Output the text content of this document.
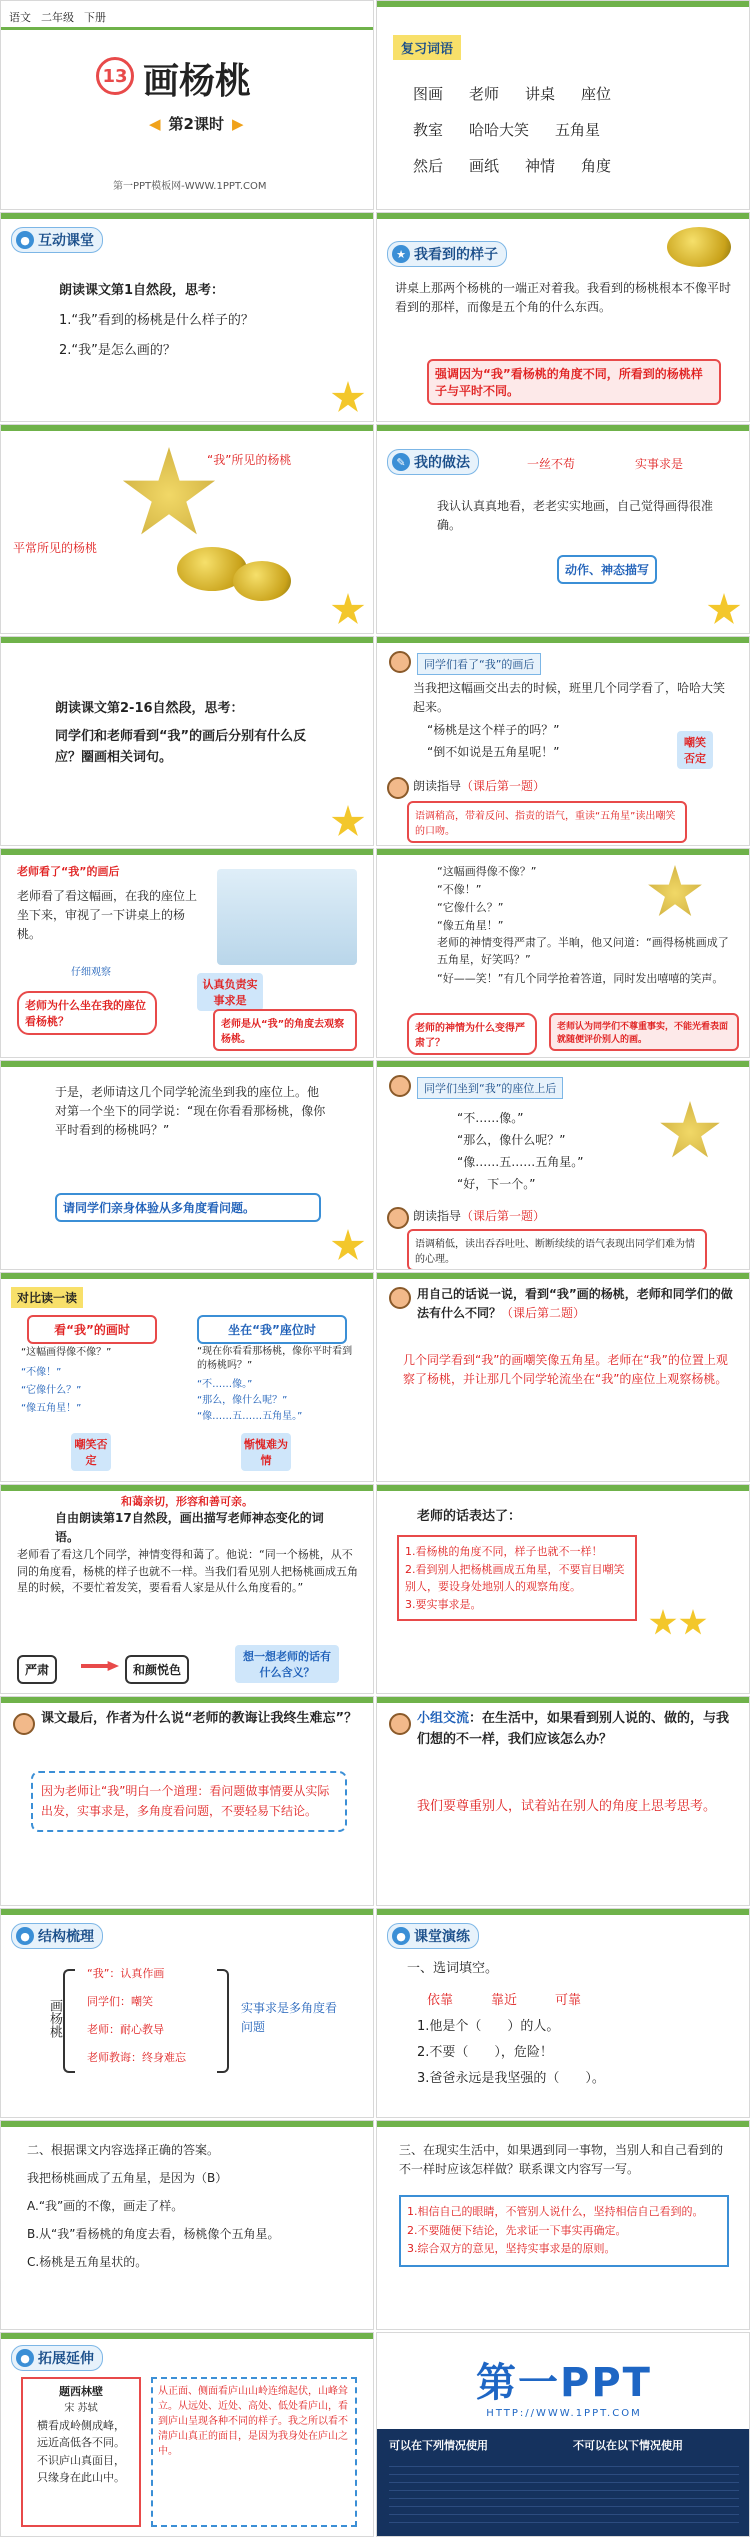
语文 二年级 下册
13 画杨桃
◀ 第2课时 ▶
第一PPT模板网-WWW.1PPT.COM
复习词语
图画 老师 讲桌 座位
教室 哈哈大笑 五角星
然后 画纸 神情 角度
● 互动课堂
朗读课文第1自然段，思考：
1.“我”看到的杨桃是什么样子的？
2.“我”是怎么画的？
★ 我看到的样子
讲桌上那两个杨桃的一端正对着我。我看到的杨桃根本不像平时看到的那样，而像是五个角的什么东西。
强调因为“我”看杨桃的角度不同，所看到的杨桃样子与平时不同。
“我”所见的杨桃
平常所见的杨桃
✎ 我的做法	一丝不苟	实事求是
我认认真真地看，老老实实地画，自己觉得画得很准确。
动作、神态描写
朗读课文第2-16自然段，思考：
同学们和老师看到“我”的画后分别有什么反应？圈画相关词句。
同学们看了“我”的画后
当我把这幅画交出去的时候，班里几个同学看了，哈哈大笑起来。
“杨桃是这个样子的吗？”
“倒不如说是五角星呢！”
嘲笑否定
朗读指导（课后第一题）
语调稍高，带着反问、指责的语气，重读“五角星”读出嘲笑的口吻。
老师看了“我”的画后
老师看了看这幅画，在我的座位上坐下来，审视了一下讲桌上的杨桃。
仔细观察
老师为什么坐在我的座位看杨桃？
认真负责实事求是
老师是从“我”的角度去观察杨桃。
“这幅画得像不像？”
“不像！”
“它像什么？”
“像五角星！”
老师的神情变得严肃了。半晌，他又问道：“画得杨桃画成了五角星，好笑吗？”
“好——笑！”有几个同学抢着答道，同时发出嘻嘻的笑声。
老师的神情为什么变得严肃了？
老师认为同学们不尊重事实，不能光看表面就随便评价别人的画。
于是，老师请这几个同学轮流坐到我的座位上。他对第一个坐下的同学说：“现在你看看那杨桃，像你平时看到的杨桃吗？”
请同学们亲身体验从多角度看问题。
同学们坐到“我”的座位上后
“不……像。”
“那么，像什么呢？”
“像……五……五角星。”
“好，下一个。”
朗读指导（课后第一题）
语调稍低，读出吞吞吐吐、断断续续的语气表现出同学们难为情的心理。
对比读一读
看“我”的画时	坐在“我”座位时
“这幅画得像不像？”
“不像！”
“它像什么？”
“像五角星！”
“现在你看看那杨桃，像你平时看到的杨桃吗？”
“不……像。”
“那么，像什么呢？”
“像……五……五角星。”
嘲笑否定
惭愧难为情
用自己的话说一说，看到“我”画的杨桃，老师和同学们的做法有什么不同？（课后第二题）
几个同学看到“我”的画嘲笑像五角星。老师在“我”的位置上观察了杨桃，并让那几个同学轮流坐在“我”的座位上观察杨桃。
和蔼亲切，形容和善可亲。
自由朗读第17自然段，画出描写老师神态变化的词语。
老师看了看这几个同学，神情变得和蔼了。他说：“同一个杨桃，从不同的角度看，杨桃的样子也就不一样。当我们看见别人把杨桃画成五角星的时候，不要忙着发笑，要看看人家是从什么角度看的。”
严肃	和颜悦色
想一想老师的话有什么含义？
老师的话表达了：
1.看杨桃的角度不同，样子也就不一样！
2.看到别人把杨桃画成五角星，不要盲目嘲笑别人，要设身处地别人的观察角度。
3.要实事求是。
课文最后，作者为什么说“老师的教诲让我终生难忘”？
因为老师让“我”明白一个道理：看问题做事情要从实际出发，实事求是，多角度看问题，不要轻易下结论。
小组交流：在生活中，如果看到别人说的、做的，与我们想的不一样，我们应该怎么办？
我们要尊重别人，试着站在别人的角度上思考思考。
● 结构梳理
画杨桃
“我”：认真作画
同学们：嘲笑
老师：耐心教导
老师教诲：终身难忘
实事求是多角度看问题
● 课堂演练
一、选词填空。
依靠	靠近	可靠
1.他是个（　　）的人。
2.不要（　　），危险！
3.爸爸永远是我坚强的（　　）。
二、根据课文内容选择正确的答案。
我把杨桃画成了五角星，是因为（B）
A.“我”画的不像，画走了样。
B.从“我”看杨桃的角度去看，杨桃像个五角星。
C.杨桃是五角星状的。
三、在现实生活中，如果遇到同一事物，当别人和自己看到的不一样时应该怎样做？联系课文内容写一写。
1.相信自己的眼睛，不管别人说什么，坚持相信自己看到的。
2.不要随便下结论，先求证一下事实再确定。
3.综合双方的意见，坚持实事求是的原则。
● 拓展延伸
题西林壁
宋 苏轼
横看成岭侧成峰，
远近高低各不同。
不识庐山真面目，
只缘身在此山中。
从正面、侧面看庐山山岭连绵起伏，山峰耸立。从远处、近处、高处、低处看庐山，看到庐山呈现各种不同的样子。我之所以看不清庐山真正的面目，是因为我身处在庐山之中。
第一PPT
HTTP://WWW.1PPT.COM
可以在下列情况使用	不可以在以下情况使用
